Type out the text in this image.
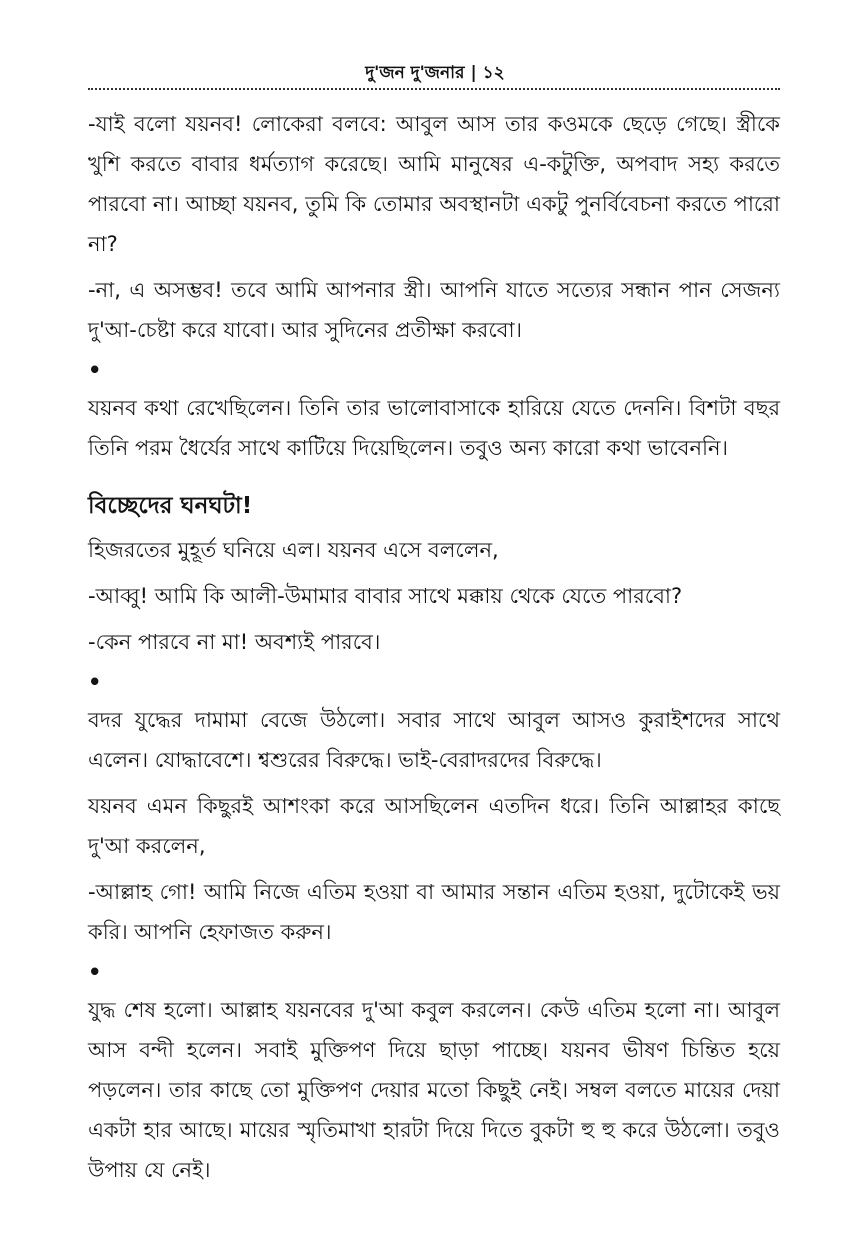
দু'জন দু'জনার | ১২

-যাই বলো যয়নব! লোকেরা বলবে: আবুল আস তার কওমকে ছেড়ে গেছে। স্ত্রীকে খুশি করতে বাবার ধর্মত্যাগ করেছে। আমি মানুষের এ-কটুক্তি, অপবাদ সহ্য করতে পারবো না। আচ্ছা যয়নব, তুমি কি তোমার অবস্থানটা একটু পুনর্বিবেচনা করতে পারো না?

-না, এ অসম্ভব! তবে আমি আপনার স্ত্রী। আপনি যাতে সত্যের সন্ধান পান সেজন্য দু'আ-চেষ্টা করে যাবো। আর সুদিনের প্রতীক্ষা করবো।

•

যয়নব কথা রেখেছিলেন। তিনি তার ভালোবাসাকে হারিয়ে যেতে দেননি। বিশটা বছর তিনি পরম ধৈর্যের সাথে কাটিয়ে দিয়েছিলেন। তবুও অন্য কারো কথা ভাবেননি।

বিচ্ছেদের ঘনঘটা!

হিজরতের মুহূর্ত ঘনিয়ে এল। যয়নব এসে বললেন,

-আব্বু! আমি কি আলী-উমামার বাবার সাথে মক্কায় থেকে যেতে পারবো?

-কেন পারবে না মা! অবশ্যই পারবে।

•

বদর যুদ্ধের দামামা বেজে উঠলো। সবার সাথে আবুল আসও কুরাইশদের সাথে এলেন। যোদ্ধাবেশে। শ্বশুরের বিরুদ্ধে। ভাই-বেরাদরদের বিরুদ্ধে।

যয়নব এমন কিছুরই আশংকা করে আসছিলেন এতদিন ধরে। তিনি আল্লাহর কাছে দু'আ করলেন,

-আল্লাহ গো! আমি নিজে এতিম হওয়া বা আমার সন্তান এতিম হওয়া, দুটোকেই ভয় করি। আপনি হেফাজত করুন।

•

যুদ্ধ শেষ হলো। আল্লাহ যয়নবের দু'আ কবুল করলেন। কেউ এতিম হলো না। আবুল আস বন্দী হলেন। সবাই মুক্তিপণ দিয়ে ছাড়া পাচ্ছে। যয়নব ভীষণ চিন্তিত হয়ে পড়লেন। তার কাছে তো মুক্তিপণ দেয়ার মতো কিছুই নেই। সম্বল বলতে মায়ের দেয়া একটা হার আছে। মায়ের স্মৃতিমাখা হারটা দিয়ে দিতে বুকটা হু হু করে উঠলো। তবুও উপায় যে নেই।
